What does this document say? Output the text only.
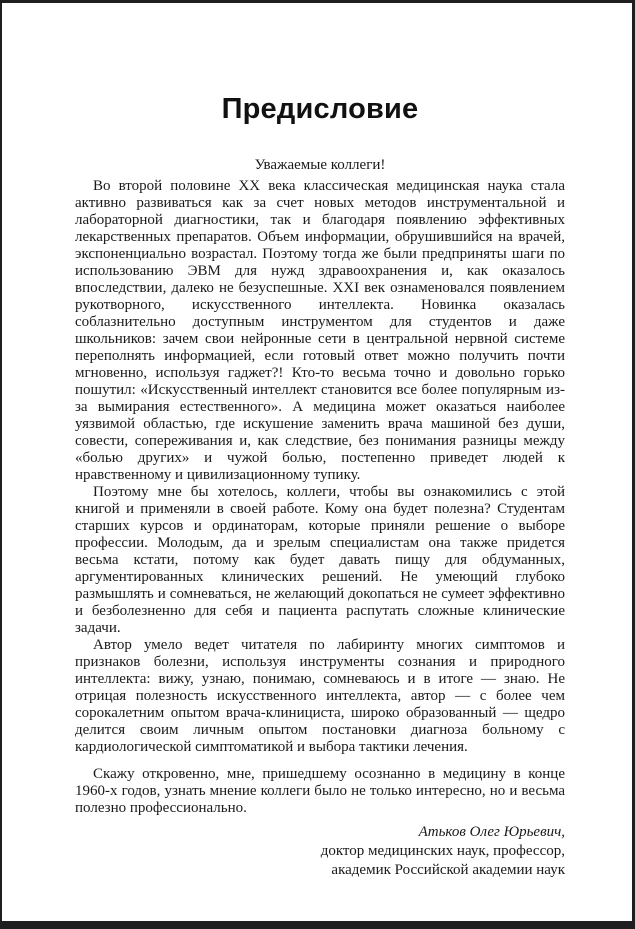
Предисловие

Уважаемые коллеги!

Во второй половине XX века классическая медицинская наука стала активно развиваться как за счет новых методов инструментальной и лабораторной диагностики, так и благодаря появлению эффективных лекарственных препаратов. Объем информации, обрушившийся на врачей, экспоненциально возрастал. Поэтому тогда же были предприняты шаги по использованию ЭВМ для нужд здравоохранения и, как оказалось впоследствии, далеко не безуспешные. XXI век ознаменовался появлением рукотворного, искусственного интеллекта. Новинка оказалась соблазнительно доступным инструментом для студентов и даже школьников: зачем свои нейронные сети в центральной нервной системе переполнять информацией, если готовый ответ можно получить почти мгновенно, используя гаджет?! Кто-то весьма точно и довольно горько пошутил: «Искусственный интеллект становится все более популярным из-за вымирания естественного». А медицина может оказаться наиболее уязвимой областью, где искушение заменить врача машиной без души, совести, сопереживания и, как следствие, без понимания разницы между «болью других» и чужой болью, постепенно приведет людей к нравственному и цивилизационному тупику.

Поэтому мне бы хотелось, коллеги, чтобы вы ознакомились с этой книгой и применяли в своей работе. Кому она будет полезна? Студентам старших курсов и ординаторам, которые приняли решение о выборе профессии. Молодым, да и зрелым специалистам она также придется весьма кстати, потому как будет давать пищу для обдуманных, аргументированных клинических решений. Не умеющий глубоко размышлять и сомневаться, не желающий докопаться не сумеет эффективно и безболезненно для себя и пациента распутать сложные клинические задачи.

Автор умело ведет читателя по лабиринту многих симптомов и признаков болезни, используя инструменты сознания и природного интеллекта: вижу, узнаю, понимаю, сомневаюсь и в итоге — знаю. Не отрицая полезность искусственного интеллекта, автор — с более чем сорокалетним опытом врача-клинициста, широко образованный — щедро делится своим личным опытом постановки диагноза больному с кардиологической симптоматикой и выбора тактики лечения.

Скажу откровенно, мне, пришедшему осознанно в медицину в конце 1960-х годов, узнать мнение коллеги было не только интересно, но и весьма полезно профессионально.

Атьков Олег Юрьевич,

доктор медицинских наук, профессор,

академик Российской академии наук
